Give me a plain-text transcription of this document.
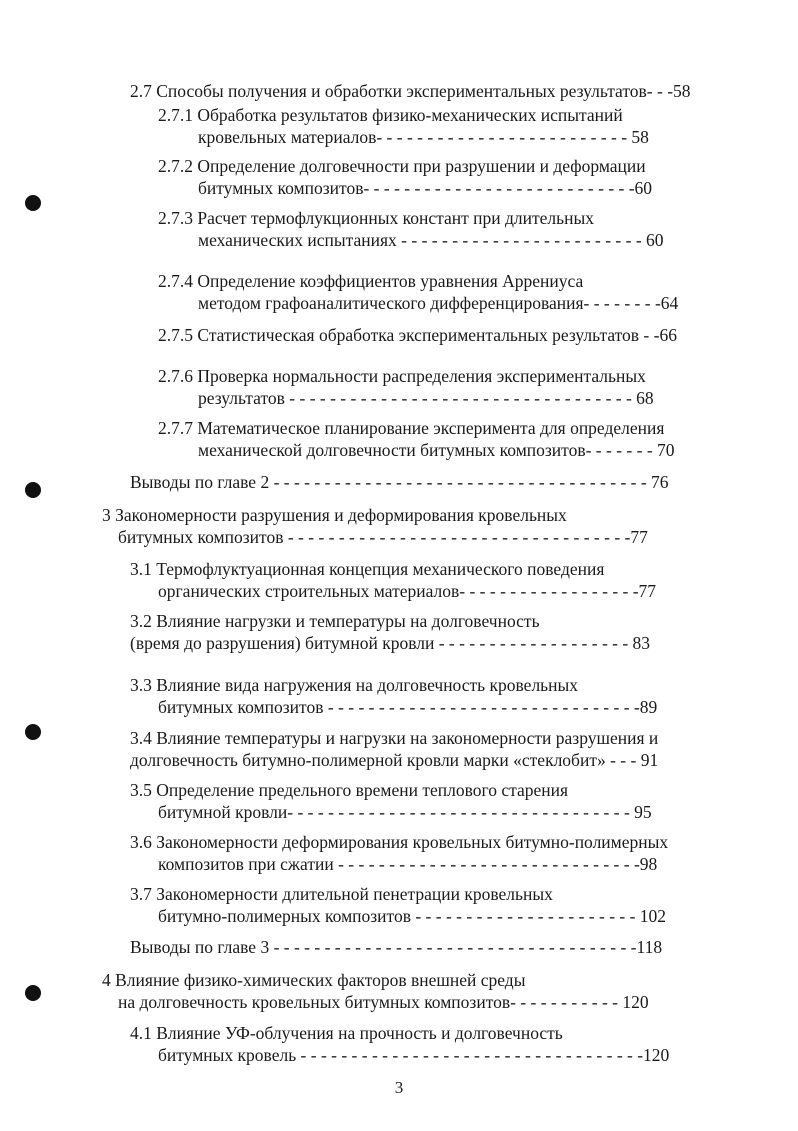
2.7 Способы получения и обработки экспериментальных результатов- - -58
2.7.1 Обработка результатов физико-механических испытаний
кровельных материалов- - - - - - - - - - - - - - - - - - - - - - - - - 58
2.7.2 Определение долговечности при разрушении и деформации
битумных композитов- - - - - - - - - - - - - - - - - - - - - - - - - - -60
2.7.3 Расчет термофлукционных констант при длительных
механических испытаниях - - - - - - - - - - - - - - - - - - - - - - - - 60
2.7.4 Определение коэффициентов уравнения Аррениуса
методом графоаналитического дифференцирования- - - - - - - -64
2.7.5 Статистическая обработка экспериментальных результатов - -66
2.7.6 Проверка нормальности распределения экспериментальных
результатов - - - - - - - - - - - - - - - - - - - - - - - - - - - - - - - - - - 68
2.7.7 Математическое планирование эксперимента для определения
механической долговечности битумных композитов- - - - - - - 70
Выводы по главе 2 - - - - - - - - - - - - - - - - - - - - - - - - - - - - - - - - - - - - - 76
3 Закономерности разрушения и деформирования кровельных
битумных композитов - - - - - - - - - - - - - - - - - - - - - - - - - - - - - - - - - -77
3.1 Термофлуктуационная концепция механического поведения
органических строительных материалов- - - - - - - - - - - - - - - - - -77
3.2 Влияние нагрузки и температуры на долговечность
(время до разрушения) битумной кровли - - - - - - - - - - - - - - - - - - - 83
3.3 Влияние вида нагружения на долговечность кровельных
битумных композитов - - - - - - - - - - - - - - - - - - - - - - - - - - - - - - -89
3.4 Влияние температуры и нагрузки на закономерности разрушения и
долговечность битумно-полимерной кровли марки «стеклобит» - - - 91
3.5 Определение предельного времени теплового старения
битумной кровли- - - - - - - - - - - - - - - - - - - - - - - - - - - - - - - - - - 95
3.6 Закономерности деформирования кровельных битумно-полимерных
композитов при сжатии - - - - - - - - - - - - - - - - - - - - - - - - - - - - - -98
3.7 Закономерности длительной пенетрации кровельных
битумно-полимерных композитов - - - - - - - - - - - - - - - - - - - - - - 102
Выводы по главе 3 - - - - - - - - - - - - - - - - - - - - - - - - - - - - - - - - - - - -118
4 Влияние физико-химических факторов внешней среды
на долговечность кровельных битумных композитов- - - - - - - - - - - 120
4.1 Влияние УФ-облучения на прочность и долговечность
битумных кровель - - - - - - - - - - - - - - - - - - - - - - - - - - - - - - - - - -120
3
